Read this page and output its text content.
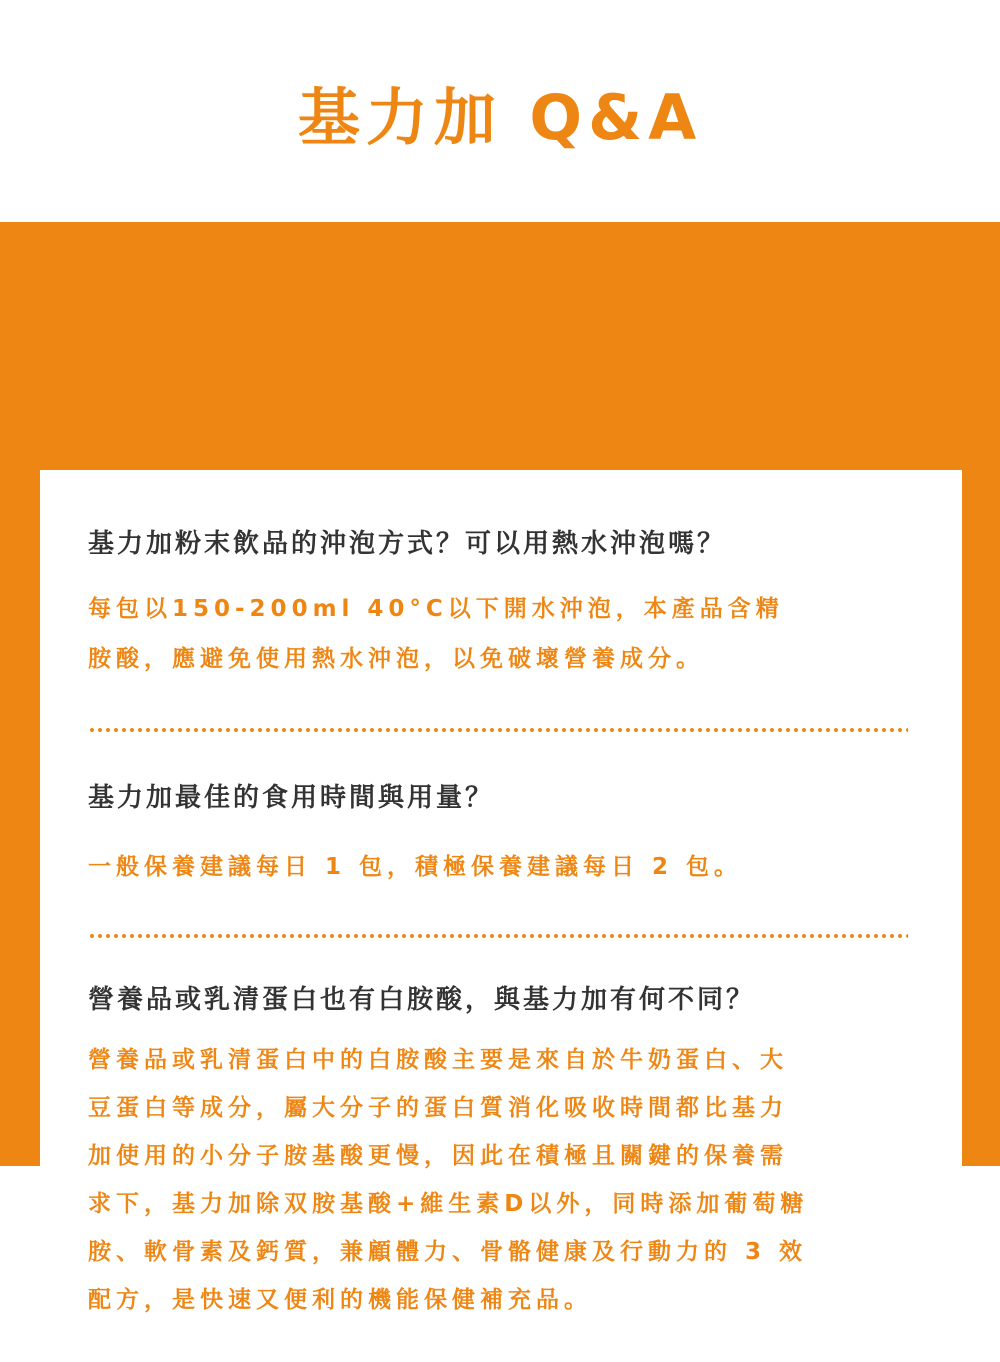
基力加 Q&A

基力加粉末飲品的沖泡方式？可以用熱水沖泡嗎？

每包以150-200ml 40°C以下開水沖泡，本產品含精
胺酸，應避免使用熱水沖泡，以免破壞營養成分。

基力加最佳的食用時間與用量？

一般保養建議每日 1 包，積極保養建議每日 2 包。

營養品或乳清蛋白也有白胺酸，與基力加有何不同？

營養品或乳清蛋白中的白胺酸主要是來自於牛奶蛋白、大
豆蛋白等成分，屬大分子的蛋白質消化吸收時間都比基力
加使用的小分子胺基酸更慢，因此在積極且關鍵的保養需
求下，基力加除双胺基酸+維生素D以外，同時添加葡萄糖
胺、軟骨素及鈣質，兼顧體力、骨骼健康及行動力的 3 效
配方，是快速又便利的機能保健補充品。
